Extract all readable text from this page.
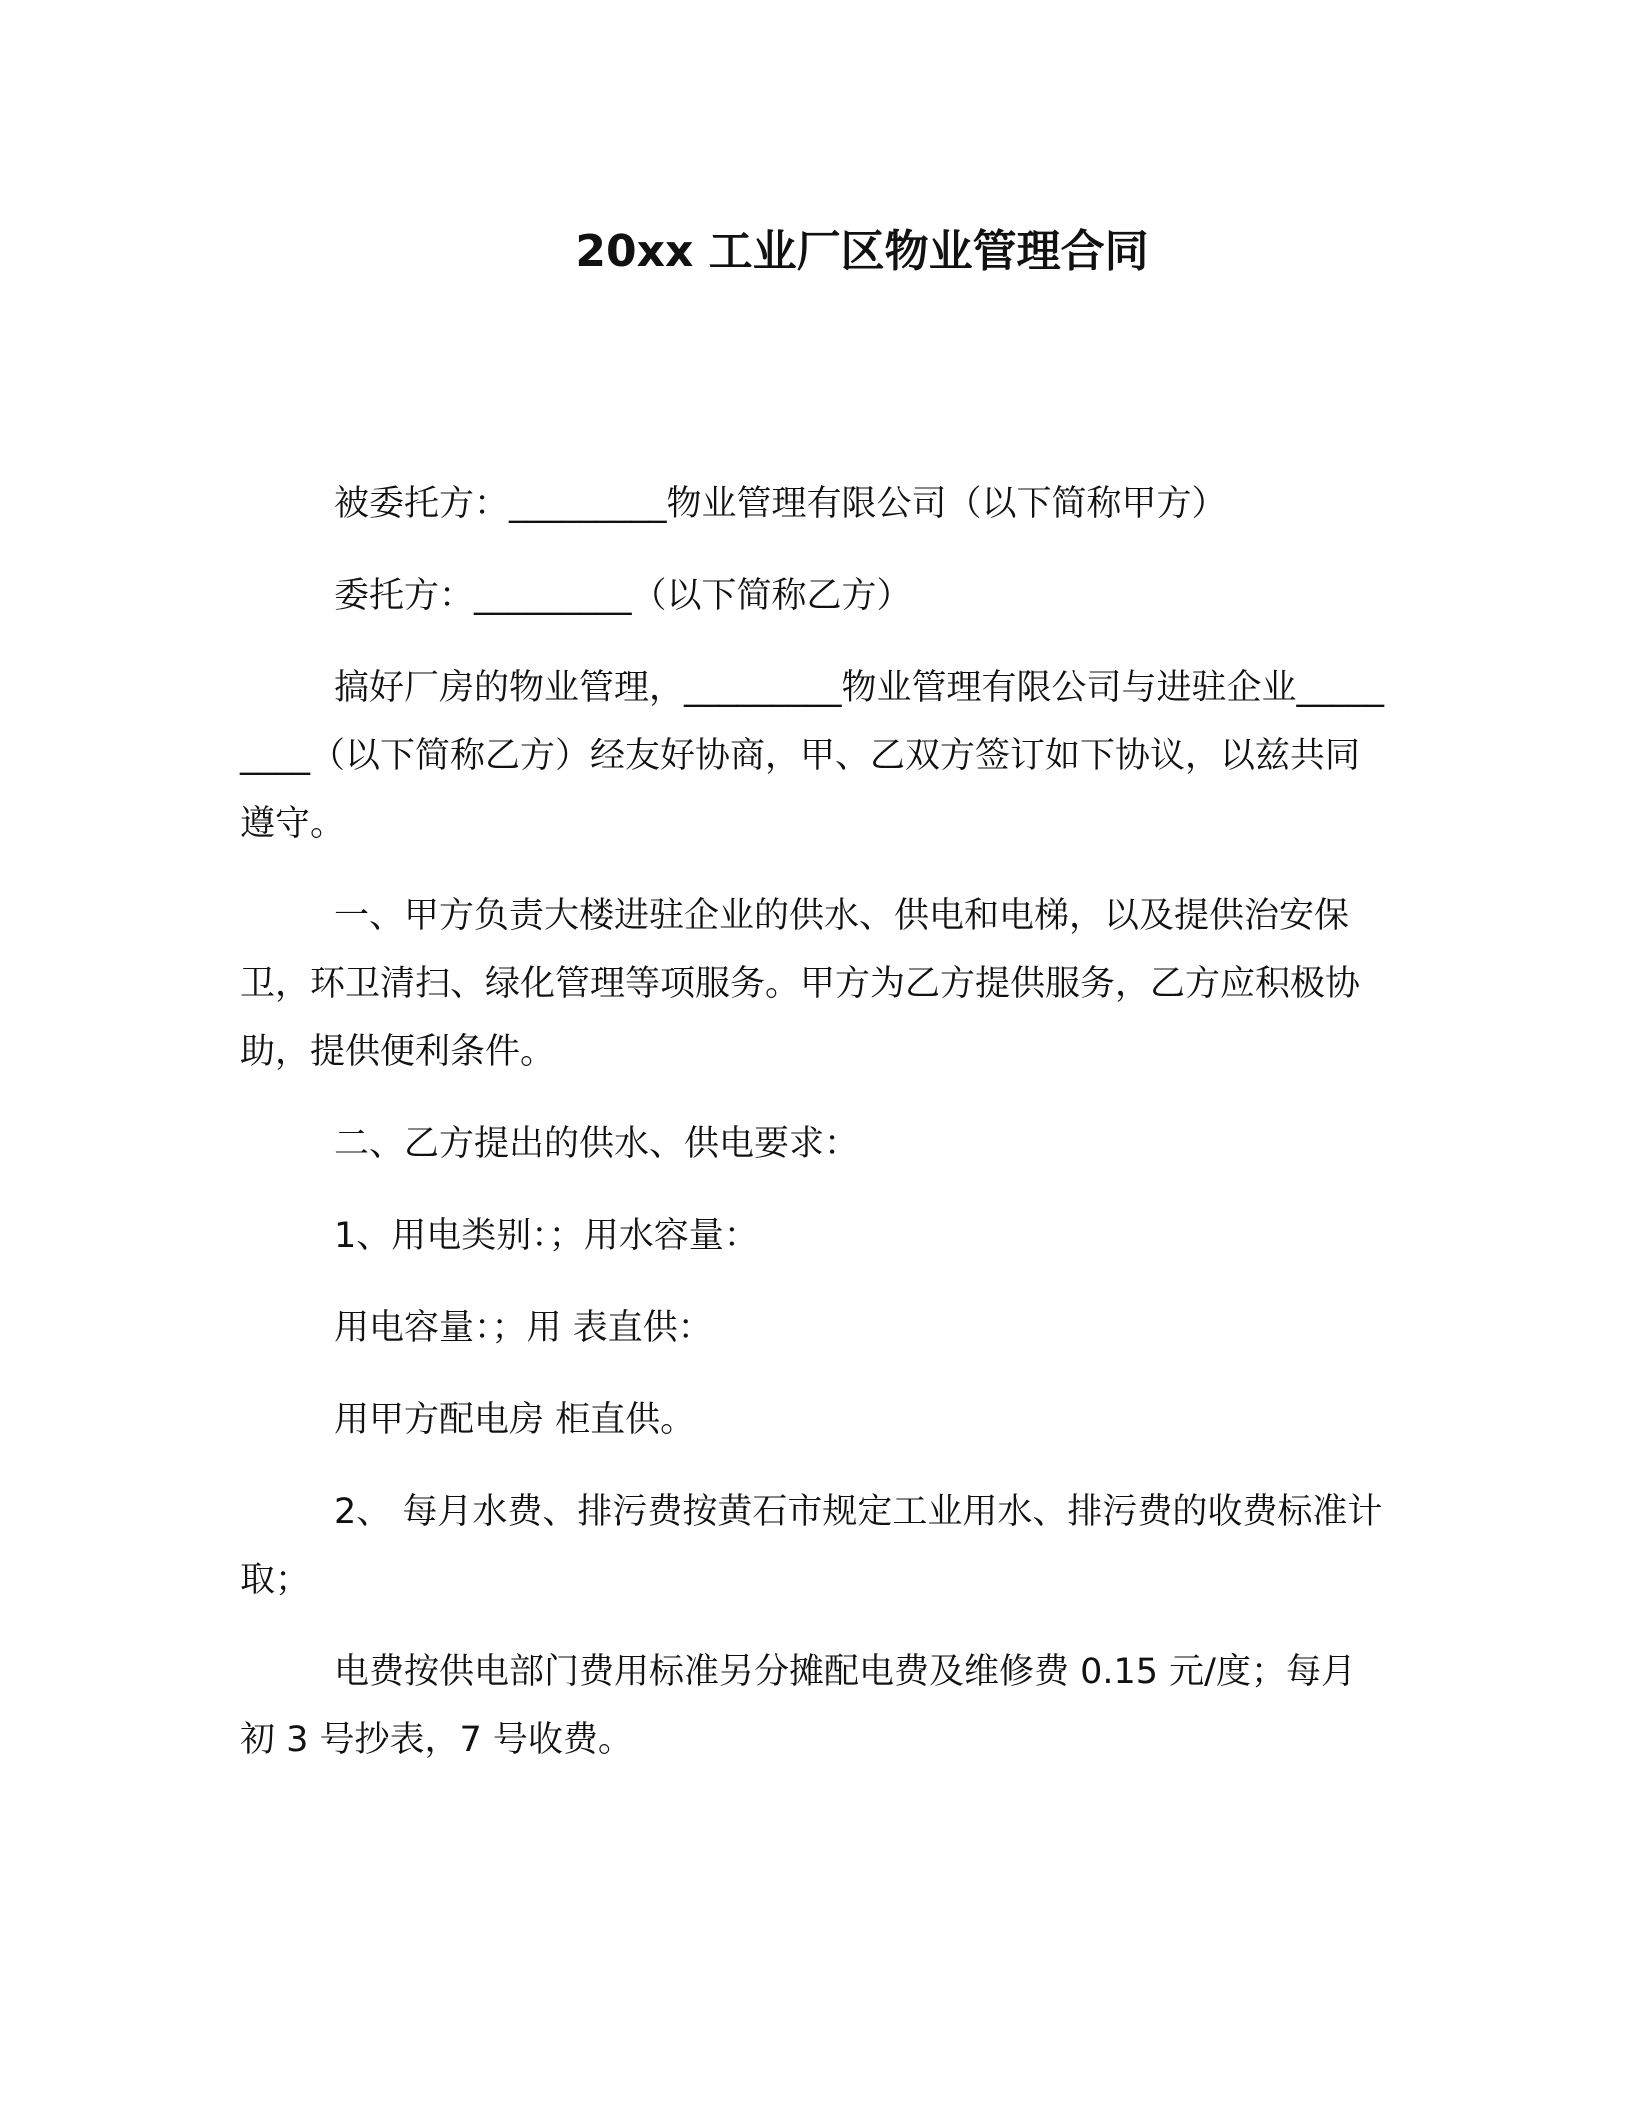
20xx 工业厂区物业管理合同

被委托方：_________物业管理有限公司（以下简称甲方）

委托方：_________（以下简称乙方）

搞好厂房的物业管理，_________物业管理有限公司与进驻企业_________（以下简称乙方）经友好协商，甲、乙双方签订如下协议，以兹共同遵守。

一、甲方负责大楼进驻企业的供水、供电和电梯，以及提供治安保卫，环卫清扫、绿化管理等项服务。甲方为乙方提供服务，乙方应积极协助，提供便利条件。

二、乙方提出的供水、供电要求：

1、用电类别：；用水容量：

用电容量：；用 表直供：

用甲方配电房 柜直供。

2、 每月水费、排污费按黄石市规定工业用水、排污费的收费标准计取；

电费按供电部门费用标准另分摊配电费及维修费 0.15 元/度；每月初 3 号抄表，7 号收费。
